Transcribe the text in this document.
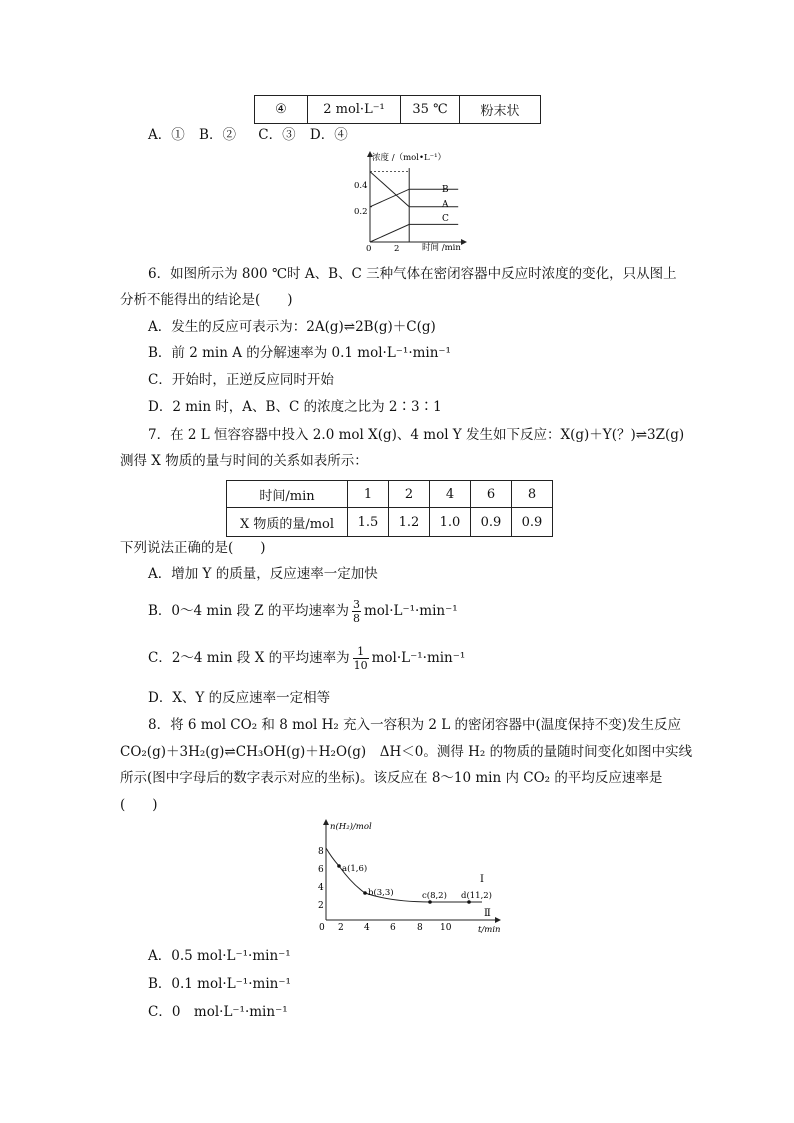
④	2 mol·L⁻¹	35 ℃	粉末状
A．① B．② C．③ D．④
浓度 /（mol•L⁻¹）
时间 /min
0.4
0.2
0	2
B
A
C
6．如图所示为 800 ℃时 A、B、C 三种气体在密闭容器中反应时浓度的变化，只从图上
分析不能得出的结论是(　　)
A．发生的反应可表示为：2A(g)⇌2B(g)＋C(g)
B．前 2 min A 的分解速率为 0.1 mol·L⁻¹·min⁻¹
C．开始时，正逆反应同时开始
D．2 min 时，A、B、C 的浓度之比为 2∶3∶1
7．在 2 L 恒容容器中投入 2.0 mol X(g)、4 mol Y 发生如下反应：X(g)＋Y(？)⇌3Z(g)
测得 X 物质的量与时间的关系如表所示：
时间/min	1	2	4	6	8
X 物质的量/mol	1.5	1.2	1.0	0.9	0.9
下列说法正确的是(　　)
A．增加 Y 的质量，反应速率一定加快
B．0～4 min 段 Z 的平均速率为 $\frac{3}{8} mol\cdot L^{-1}\cdot\min^{-1}$
C．2～4 min 段 X 的平均速率为 $\frac{1}{10} mol\cdot L^{-1}\cdot\min^{-1}$
D．X、Y 的反应速率一定相等
8．将 6 mol CO₂ 和 8 mol H₂ 充入一容积为 2 L 的密闭容器中(温度保持不变)发生反应
CO₂(g)＋3H₂(g)⇌CH₃OH(g)＋H₂O(g)　ΔH＜0。测得 H₂ 的物质的量随时间变化如图中实线
所示(图中字母后的数字表示对应的坐标)。该反应在 8～10 min 内 CO₂ 的平均反应速率是
(　　)
n(H₂)/mol
t/min
8
6
4
2
0 2 4 6 8 10
a(1,6)
b(3,3)	c(8,2) d(11,2)
Ⅰ
Ⅱ
A．0.5 mol·L⁻¹·min⁻¹
B．0.1 mol·L⁻¹·min⁻¹
C．0　mol·L⁻¹·min⁻¹
